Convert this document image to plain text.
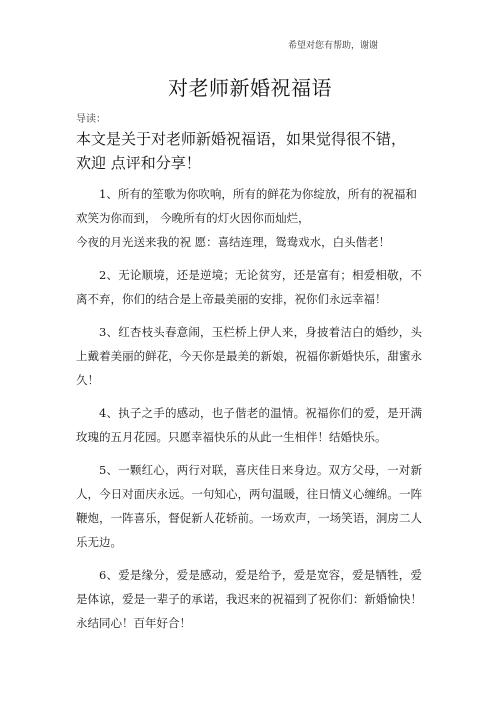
希望对您有帮助，谢谢
对老师新婚祝福语
导读：
本文是关于对老师新婚祝福语，如果觉得很不错，欢迎 点评和分享！
1、所有的笙歌为你吹响，所有的鲜花为你绽放，所有的祝福和
欢笑为你而到， 今晚所有的灯火因你而灿烂，
今夜的月光送来我的祝 愿：喜结连理，鸳鸯戏水，白头偕老！

2、无论顺境，还是逆境；无论贫穷，还是富有；相爱相敬，不离不弃，你们的结合是上帝最美丽的安排，祝你们永远幸福！

3、红杏枝头春意闹，玉栏桥上伊人来，身披着洁白的婚纱，头上戴着美丽的鲜花，今天你是最美的新娘，祝福你新婚快乐，甜蜜永久！

4、执子之手的感动，也子偕老的温情。祝福你们的爱，是开满玫瑰的五月花园。只愿幸福快乐的从此一生相伴！结婚快乐。

5、一颗红心，两行对联，喜庆佳日来身边。双方父母，一对新人，今日对面庆永远。一句知心，两句温暖，往日情义心缠绵。一阵鞭炮，一阵喜乐，督促新人花轿前。一场欢声，一场笑语，洞房二人乐无边。

6、爱是缘分，爱是感动，爱是给予，爱是宽容，爱是牺牲，爱是体谅，爱是一辈子的承诺，我迟来的祝福到了祝你们：新婚愉快！永结同心！百年好合！
